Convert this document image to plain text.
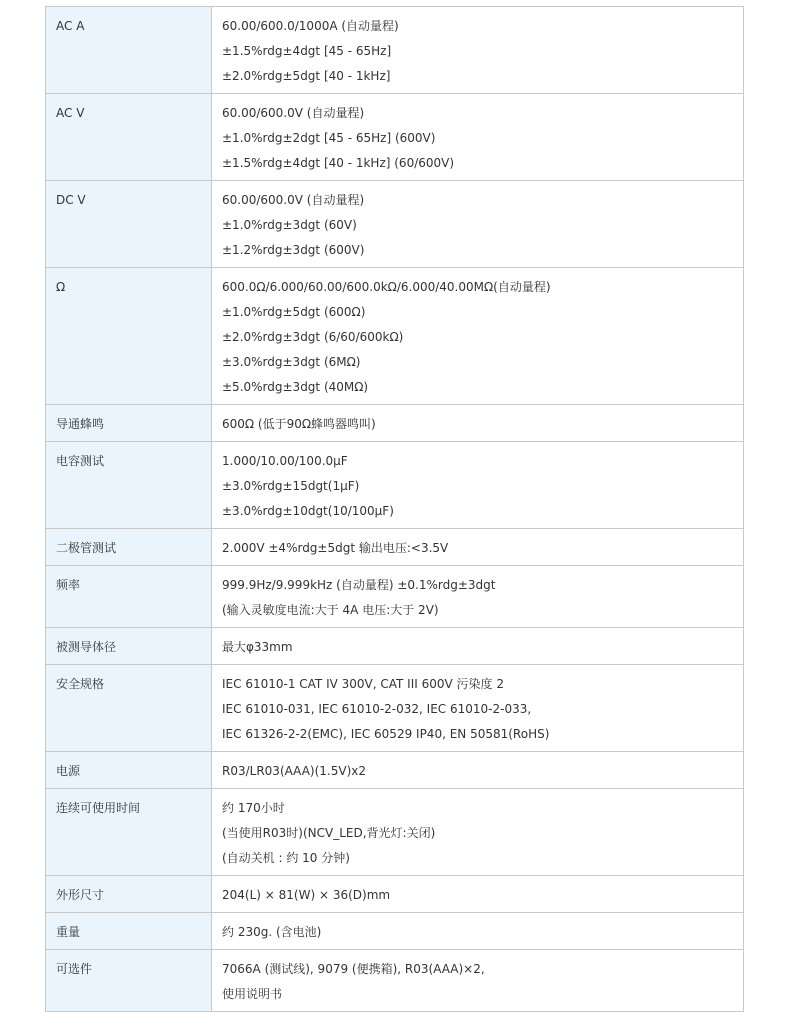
AC A	60.00/600.0/1000A (自动量程)
±1.5%rdg±4dgt [45 - 65Hz]
±2.0%rdg±5dgt [40 - 1kHz]

AC V	60.00/600.0V (自动量程)
±1.0%rdg±2dgt [45 - 65Hz] (600V)
±1.5%rdg±4dgt [40 - 1kHz] (60/600V)

DC V	60.00/600.0V (自动量程)
±1.0%rdg±3dgt (60V)
±1.2%rdg±3dgt (600V)

Ω	600.0Ω/6.000/60.00/600.0kΩ/6.000/40.00MΩ(自动量程)
±1.0%rdg±5dgt (600Ω)
±2.0%rdg±3dgt (6/60/600kΩ)
±3.0%rdg±3dgt (6MΩ)
±5.0%rdg±3dgt (40MΩ)

导通蜂鸣	600Ω (低于90Ω蜂鸣器鸣叫)

电容测试	1.000/10.00/100.0μF
±3.0%rdg±15dgt(1μF)
±3.0%rdg±10dgt(10/100μF)

二极管测试	2.000V ±4%rdg±5dgt 输出电压:<3.5V

频率	999.9Hz/9.999kHz (自动量程) ±0.1%rdg±3dgt
(输入灵敏度电流:大于 4A 电压:大于 2V)

被测导体径	最大φ33mm

安全规格	IEC 61010-1 CAT IV 300V, CAT III 600V 污染度 2
IEC 61010-031, IEC 61010-2-032, IEC 61010-2-033,
IEC 61326-2-2(EMC), IEC 60529 IP40, EN 50581(RoHS)

电源	R03/LR03(AAA)(1.5V)x2

连续可使用时间	约 170小时
(当使用R03时)(NCV_LED,背光灯:关闭)
(自动关机 : 约 10 分钟)

外形尺寸	204(L) × 81(W) × 36(D)mm

重量	约 230g. (含电池)

可选件	7066A (测试线), 9079 (便携箱), R03(AAA)×2,
使用说明书
